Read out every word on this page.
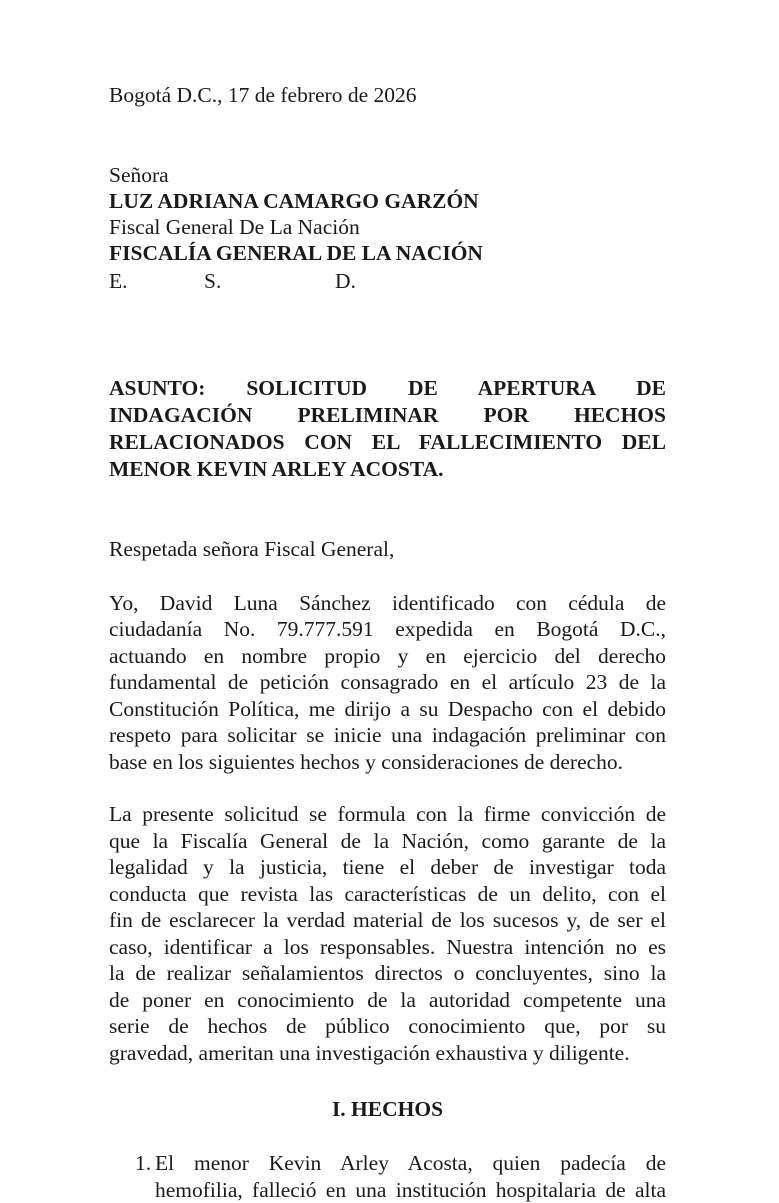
Bogotá D.C., 17 de febrero de 2026
Señora
LUZ ADRIANA CAMARGO GARZÓN
Fiscal General De La Nación
FISCALÍA GENERAL DE LA NACIÓN
E.	S.	D.
ASUNTO: SOLICITUD DE APERTURA DE
INDAGACIÓN PRELIMINAR POR HECHOS
RELACIONADOS CON EL FALLECIMIENTO DEL
MENOR KEVIN ARLEY ACOSTA.
Respetada señora Fiscal General,
Yo, David Luna Sánchez identificado con cédula de
ciudadanía No. 79.777.591 expedida en Bogotá D.C.,
actuando en nombre propio y en ejercicio del derecho
fundamental de petición consagrado en el artículo 23 de la
Constitución Política, me dirijo a su Despacho con el debido
respeto para solicitar se inicie una indagación preliminar con
base en los siguientes hechos y consideraciones de derecho.
La presente solicitud se formula con la firme convicción de
que la Fiscalía General de la Nación, como garante de la
legalidad y la justicia, tiene el deber de investigar toda
conducta que revista las características de un delito, con el
fin de esclarecer la verdad material de los sucesos y, de ser el
caso, identificar a los responsables. Nuestra intención no es
la de realizar señalamientos directos o concluyentes, sino la
de poner en conocimiento de la autoridad competente una
serie de hechos de público conocimiento que, por su
gravedad, ameritan una investigación exhaustiva y diligente.
I. HECHOS
1. El menor Kevin Arley Acosta, quien padecía de
hemofilia, falleció en una institución hospitalaria de alta
